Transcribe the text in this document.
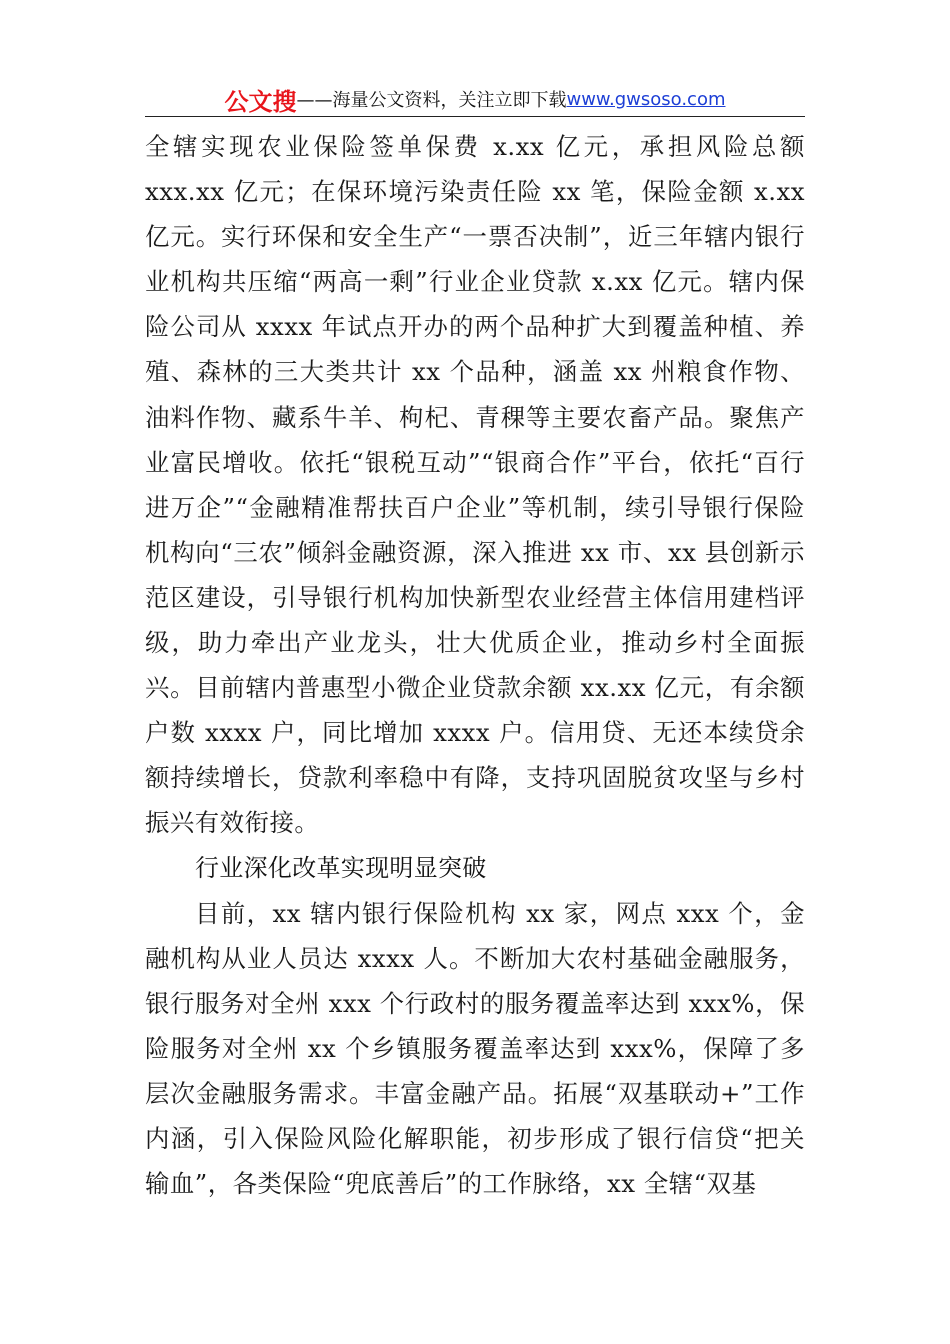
公文搜 ——海量公文资料，关注立即下载 www.gwsoso.com

全辖实现农业保险签单保费 x.xx 亿元，承担风险总额 xxx.xx 亿元；在保环境污染责任险 xx 笔，保险金额 x.xx 亿元。实行环保和安全生产“一票否决制”，近三年辖内银行业机构共压缩“两高一剩”行业企业贷款 x.xx 亿元。辖内保险公司从 xxxx 年试点开办的两个品种扩大到覆盖种植、养殖、森林的三大类共计 xx 个品种，涵盖 xx 州粮食作物、油料作物、藏系牛羊、枸杞、青稞等主要农畜产品。聚焦产业富民增收。依托“银税互动”“银商合作”平台，依托“百行进万企”“金融精准帮扶百户企业”等机制，续引导银行保险机构向“三农”倾斜金融资源，深入推进 xx 市、xx 县创新示范区建设，引导银行机构加快新型农业经营主体信用建档评级，助力牵出产业龙头，壮大优质企业，推动乡村全面振兴。目前辖内普惠型小微企业贷款余额 xx.xx 亿元，有余额户数 xxxx 户，同比增加 xxxx 户。信用贷、无还本续贷余额持续增长，贷款利率稳中有降，支持巩固脱贫攻坚与乡村振兴有效衔接。

行业深化改革实现明显突破

目前，xx 辖内银行保险机构 xx 家，网点 xxx 个，金融机构从业人员达 xxxx 人。不断加大农村基础金融服务，银行服务对全州 xxx 个行政村的服务覆盖率达到 xxx%，保险服务对全州 xx 个乡镇服务覆盖率达到 xxx%，保障了多层次金融服务需求。丰富金融产品。拓展“双基联动+”工作内涵，引入保险风险化解职能，初步形成了银行信贷“把关输血”，各类保险“兜底善后”的工作脉络，xx 全辖“双基
